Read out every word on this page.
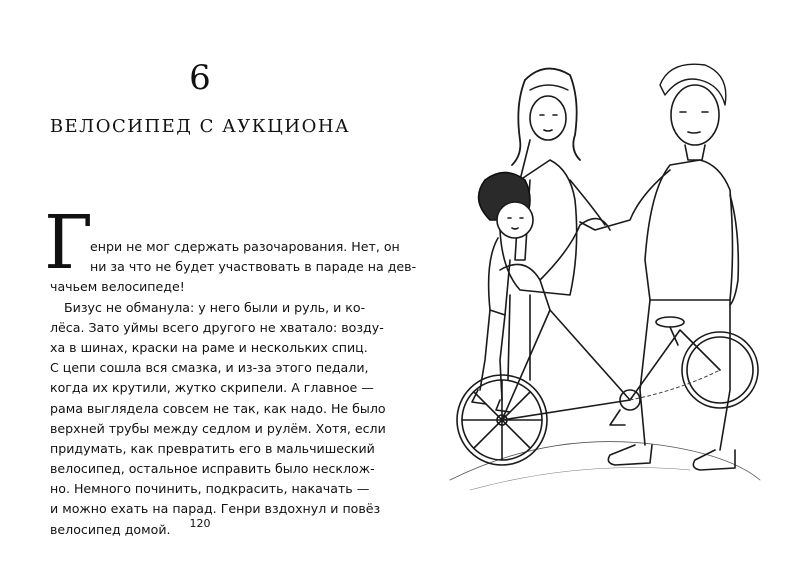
6
ВЕЛОСИПЕД С АУКЦИОНА
Г
енри не мог сдержать разочарования. Нет, он
ни за что не будет участвовать в параде на дев-
чачьем велосипеде!
Бизус не обманула: у него были и руль, и ко-
лёса. Зато уймы всего другого не хватало: возду-
ха в шинах, краски на раме и нескольких спиц.
С цепи сошла вся смазка, и из-за этого педали,
когда их крутили, жутко скрипели. А главное —
рама выглядела совсем не так, как надо. Не было
верхней трубы между седлом и рулём. Хотя, если
придумать, как превратить его в мальчишеский
велосипед, остальное исправить было несклож-
но. Немного починить, подкрасить, накачать —
и можно ехать на парад. Генри вздохнул и повёз
велосипед домой.	120
